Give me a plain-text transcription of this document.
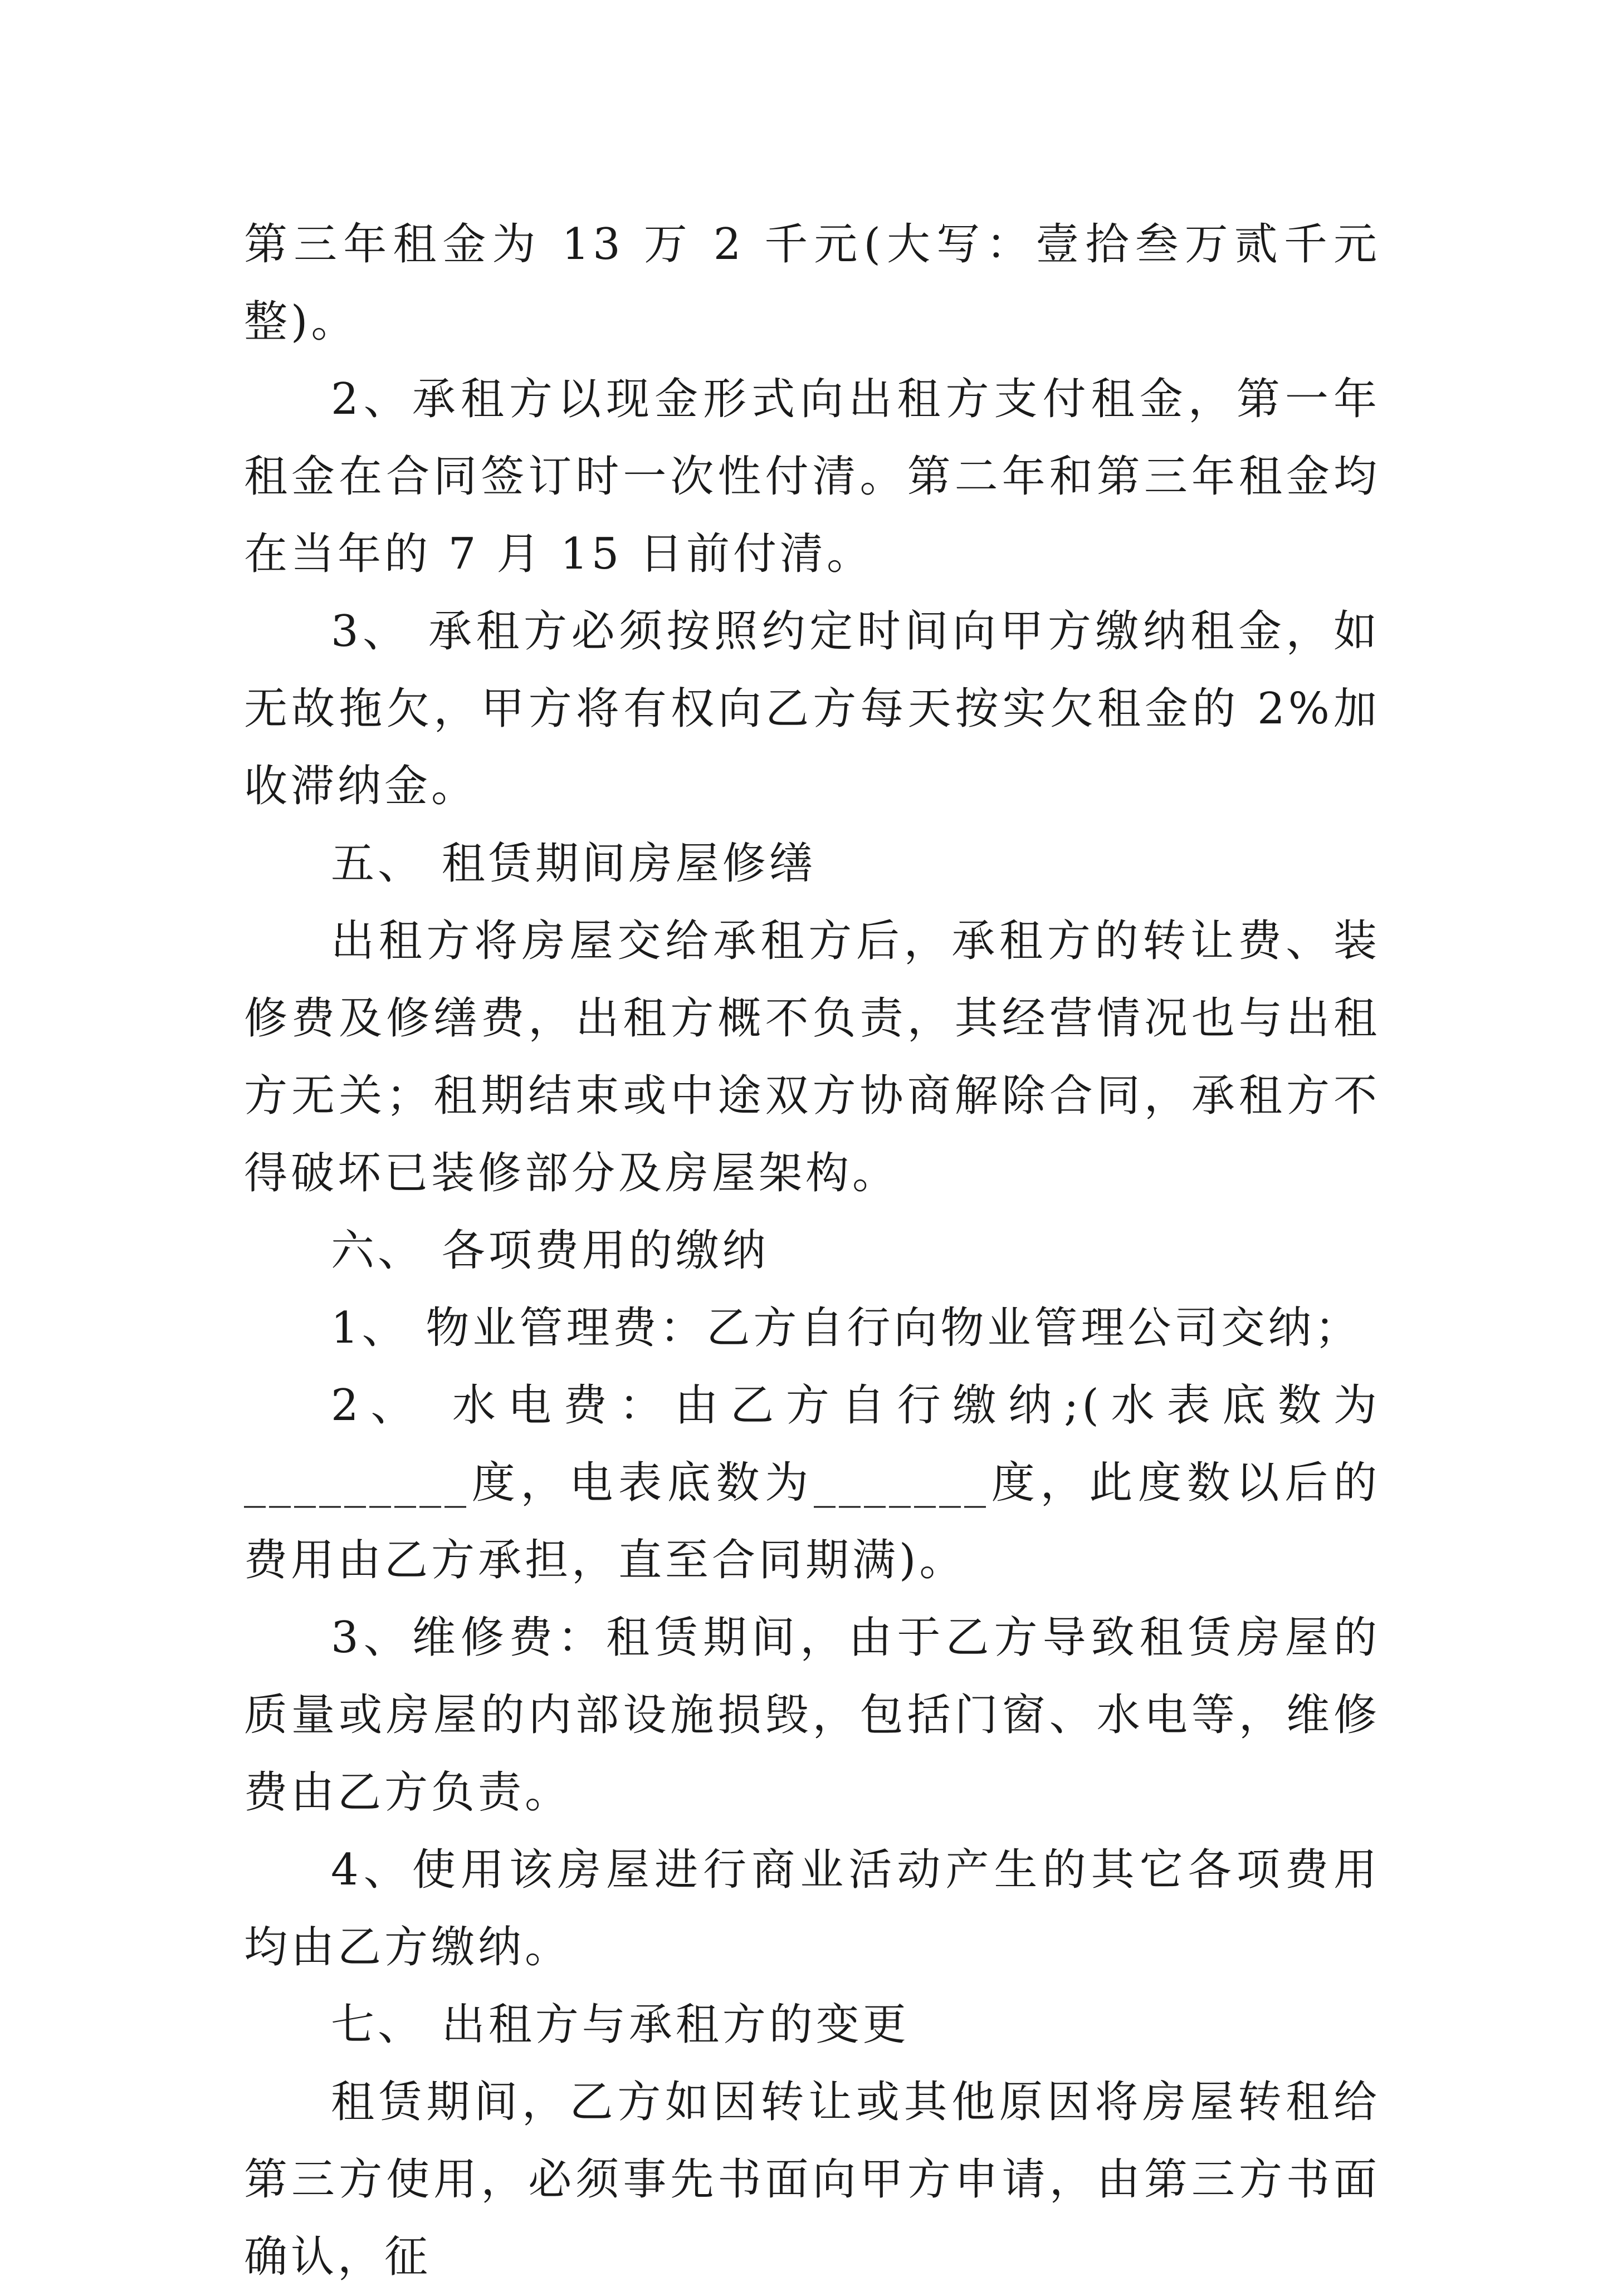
第三年租金为 13 万 2 千元(大写：壹拾叁万贰千元整)。

2、承租方以现金形式向出租方支付租金，第一年租金在合同签订时一次性付清。第二年和第三年租金均在当年的 7 月 15 日前付清。

3、 承租方必须按照约定时间向甲方缴纳租金，如无故拖欠，甲方将有权向乙方每天按实欠租金的 2%加收滞纳金。

五、 租赁期间房屋修缮

出租方将房屋交给承租方后，承租方的转让费、装修费及修缮费，出租方概不负责，其经营情况也与出租方无关；租期结束或中途双方协商解除合同，承租方不得破坏已装修部分及房屋架构。

六、 各项费用的缴纳

1、 物业管理费：乙方自行向物业管理公司交纳；

2、 水电费：由乙方自行缴纳;(水表底数为_________度，电表底数为_______度，此度数以后的费用由乙方承担，直至合同期满)。

3、维修费：租赁期间，由于乙方导致租赁房屋的质量或房屋的内部设施损毁，包括门窗、水电等，维修费由乙方负责。

4、使用该房屋进行商业活动产生的其它各项费用均由乙方缴纳。

七、 出租方与承租方的变更

租赁期间，乙方如因转让或其他原因将房屋转租给第三方使用，必须事先书面向甲方申请，由第三方书面确认，征
